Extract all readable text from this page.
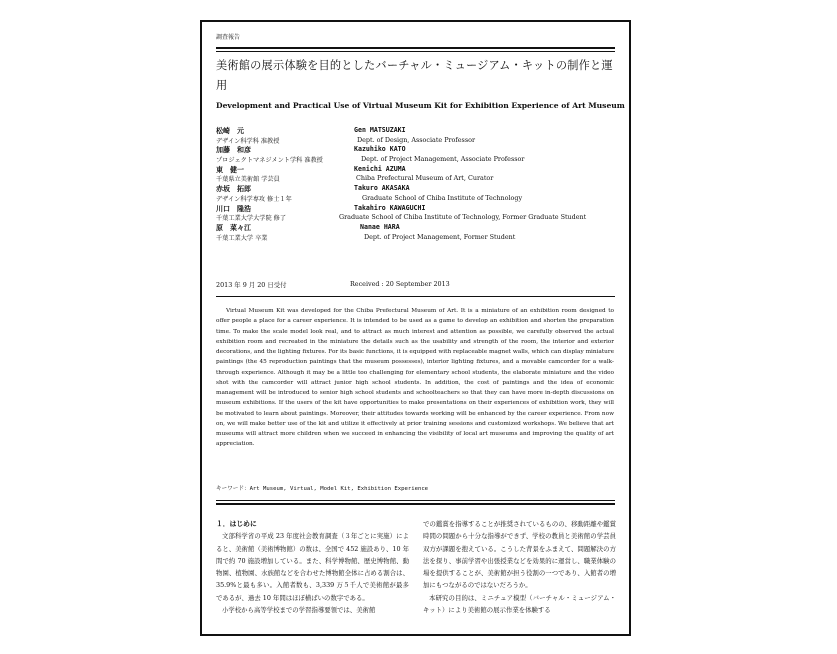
調査報告
美術館の展示体験を目的としたバーチャル・ミュージアム・キットの制作と運用
Development and Practical Use of Virtual Museum Kit for Exhibition Experience of Art Museum
松崎　元	Gen MATSUZAKI
デザイン科学科 准教授	Dept. of Design, Associate Professor
加藤　和彦	Kazuhiko KATO
プロジェクトマネジメント学科 准教授	Dept. of Project Management, Associate Professor
東　健一	Kenichi AZUMA
千葉県立美術館 学芸員	Chiba Prefectural Museum of Art, Curator
赤坂　拓郎	Takuro AKASAKA
デザイン科学専攻 修士１年	Graduate School of Chiba Institute of Technology
川口　隆浩	Takahiro KAWAGUCHI
千葉工業大学大学院 修了	Graduate School of Chiba Institute of Technology, Former Graduate Student
原　菜々江	Nanae HARA
千葉工業大学 卒業	Dept. of Project Management, Former Student
2013 年 9 月 20 日受付	Received : 20 September 2013
Virtual Museum Kit was developed for the Chiba Prefectural Museum of Art. It is a miniature of an exhibition room designed to offer people a place for a career experience. It is intended to be used as a game to develop an exhibition and shorten the preparation time. To make the scale model look real, and to attract as much interest and attention as possible, we carefully observed the actual exhibition room and recreated in the miniature the details such as the usability and strength of the room, the interior and exterior decorations, and the lighting fixtures. For its basic functions, it is equipped with replaceable magnet walls, which can display miniature paintings (the 45 reproduction paintings that the museum possesses), interior lighting fixtures, and a movable camcorder for a walk-through experience. Although it may be a little too challenging for elementary school students, the elaborate miniature and the video shot with the camcorder will attract junior high school students. In addition, the cost of paintings and the idea of economic management will be introduced to senior high school students and schoolteachers so that they can have more in-depth discussions on museum exhibitions. If the users of the kit have opportunities to make presentations on their experiences of exhibition work, they will be motivated to learn about paintings. Moreover, their attitudes towards working will be enhanced by the career experience. From now on, we will make better use of the kit and utilize it effectively at prior training sessions and customized workshops. We believe that art museums will attract more children when we succeed in enhancing the visibility of local art museums and improving the quality of art appreciation.
キーワード：Art Museum, Virtual, Model Kit, Exhibition Experience
１．はじめに
文部科学省の平成 23 年度社会教育調査（３年ごとに実施）によると、美術館（美術博物館）の数は、全国で 452 施設あり、10 年間で約 70 施設増加している。また、科学博物館、歴史博物館、動物園、植物園、水族館などを合わせた博物館全体に占める割合は、35.9%と最も多い。入館者数も、3,339 万５千人で美術館が最多であるが、過去 10 年間はほぼ横ばいの数字である。
小学校から高等学校までの学習指導要領では、美術館
での鑑賞を指導することが推奨されているものの、移動距離や鑑賞時間の問題から十分な指導ができず、学校の教員と美術館の学芸員双方が課題を抱えている。こうした背景をふまえて、問題解決の方法を探り、事前学習や出張授業などを効果的に運営し、職業体験の場を提供することが、美術館が担う役割の一つであり、入館者の増加にもつながるのではないだろうか。
本研究の目的は、ミニチュア模型（バーチャル・ミュージアム・キット）により美術館の展示作業を体験する
